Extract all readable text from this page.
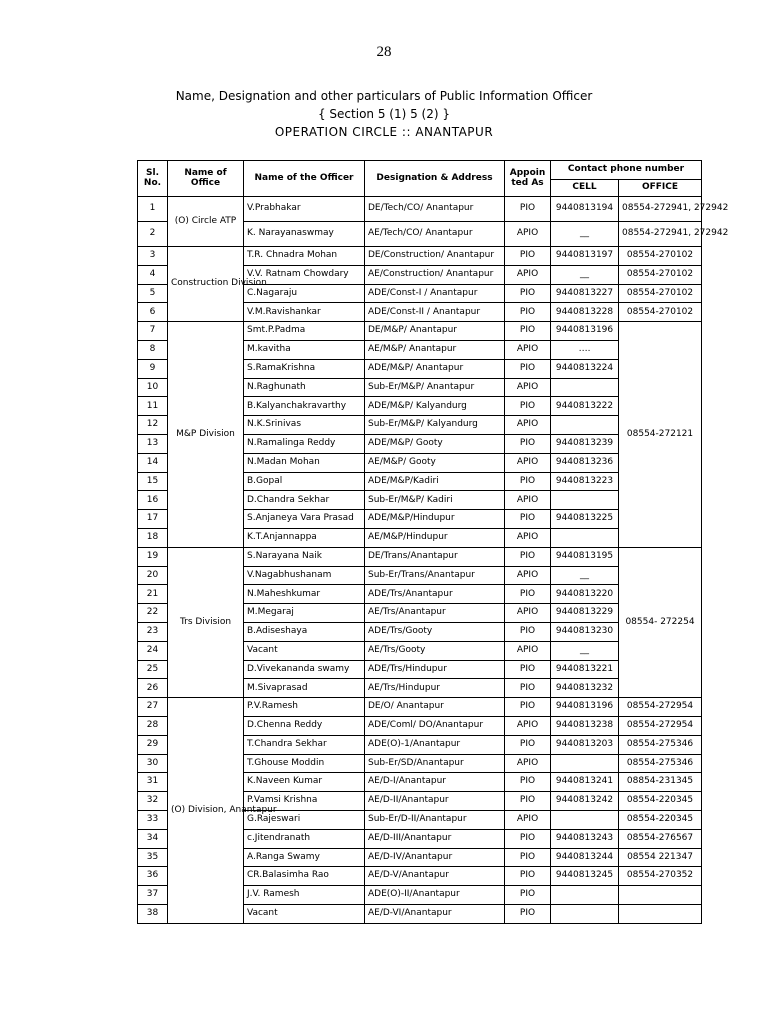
28
Name, Designation and other particulars of Public Information Officer
{ Section 5 (1) 5 (2) }
OPERATION CIRCLE :: ANANTAPUR
Sl. No.	Name of Office	Name of the Officer	Designation & Address	Appoin ted As	Contact phone number	
					CELL	OFFICE
1	(O) Circle ATP	V.Prabhakar	DE/Tech/CO/ Anantapur	PIO	9440813194	08554-272941, 272942
2		K. Narayanaswmay	AE/Tech/CO/ Anantapur	APIO	__	08554-272941, 272942
3	Construction Division	T.R. Chnadra Mohan	DE/Construction/ Anantapur	PIO	9440813197	08554-270102
4		V.V. Ratnam Chowdary	AE/Construction/ Anantapur	APIO	__	08554-270102
5		C.Nagaraju	ADE/Const-I / Anantapur	PIO	9440813227	08554-270102
6		V.M.Ravishankar	ADE/Const-II / Anantapur	PIO	9440813228	08554-270102
7	M&P Division	Smt.P.Padma	DE/M&P/ Anantapur	PIO	9440813196	08554-272121
8		M.kavitha	AE/M&P/ Anantapur	APIO	….	
9		S.RamaKrishna	ADE/M&P/ Anantapur	PIO	9440813224	
10		N.Raghunath	Sub-Er/M&P/ Anantapur	APIO		
11		B.Kalyanchakravarthy	ADE/M&P/ Kalyandurg	PIO	9440813222	
12		N.K.Srinivas	Sub-Er/M&P/ Kalyandurg	APIO		
13		N.Ramalinga Reddy	ADE/M&P/ Gooty	PIO	9440813239	
14		N.Madan Mohan	AE/M&P/ Gooty	APIO	9440813236	
15		B.Gopal	ADE/M&P/Kadiri	PIO	9440813223	
16		D.Chandra Sekhar	Sub-Er/M&P/ Kadiri	APIO		
17		S.Anjaneya Vara Prasad	ADE/M&P/Hindupur	PIO	9440813225	
18		K.T.Anjannappa	AE/M&P/Hindupur	APIO		
19	Trs Division	S.Narayana Naik	DE/Trans/Anantapur	PIO	9440813195	08554- 272254
20		V.Nagabhushanam	Sub-Er/Trans/Anantapur	APIO	__	
21		N.Maheshkumar	ADE/Trs/Anantapur	PIO	9440813220	
22		M.Megaraj	AE/Trs/Anantapur	APIO	9440813229	
23		B.Adiseshaya	ADE/Trs/Gooty	PIO	9440813230	
24		Vacant	AE/Trs/Gooty	APIO	__	
25		D.Vivekananda swamy	ADE/Trs/Hindupur	PIO	9440813221	
26		M.Sivaprasad	AE/Trs/Hindupur	PIO	9440813232	
27	(O) Division, Anantapur	P.V.Ramesh	DE/O/ Anantapur	PIO	9440813196	08554-272954
28		D.Chenna Reddy	ADE/Coml/ DO/Anantapur	APIO	9440813238	08554-272954
29		T.Chandra Sekhar	ADE(O)-1/Anantapur	PIO	9440813203	08554-275346
30		T.Ghouse Moddin	Sub-Er/SD/Anantapur	APIO		08554-275346
31		K.Naveen Kumar	AE/D-I/Anantapur	PIO	9440813241	08854-231345
32		P.Vamsi Krishna	AE/D-II/Anantapur	PIO	9440813242	08554-220345
33		G.Rajeswari	Sub-Er/D-II/Anantapur	APIO		08554-220345
34		c.Jitendranath	AE/D-III/Anantapur	PIO	9440813243	08554-276567
35		A.Ranga Swamy	AE/D-IV/Anantapur	PIO	9440813244	08554 221347
36		CR.Balasimha Rao	AE/D-V/Anantapur	PIO	9440813245	08554-270352
37		J.V. Ramesh	ADE(O)-II/Anantapur	PIO		
38		Vacant	AE/D-VI/Anantapur	PIO		
